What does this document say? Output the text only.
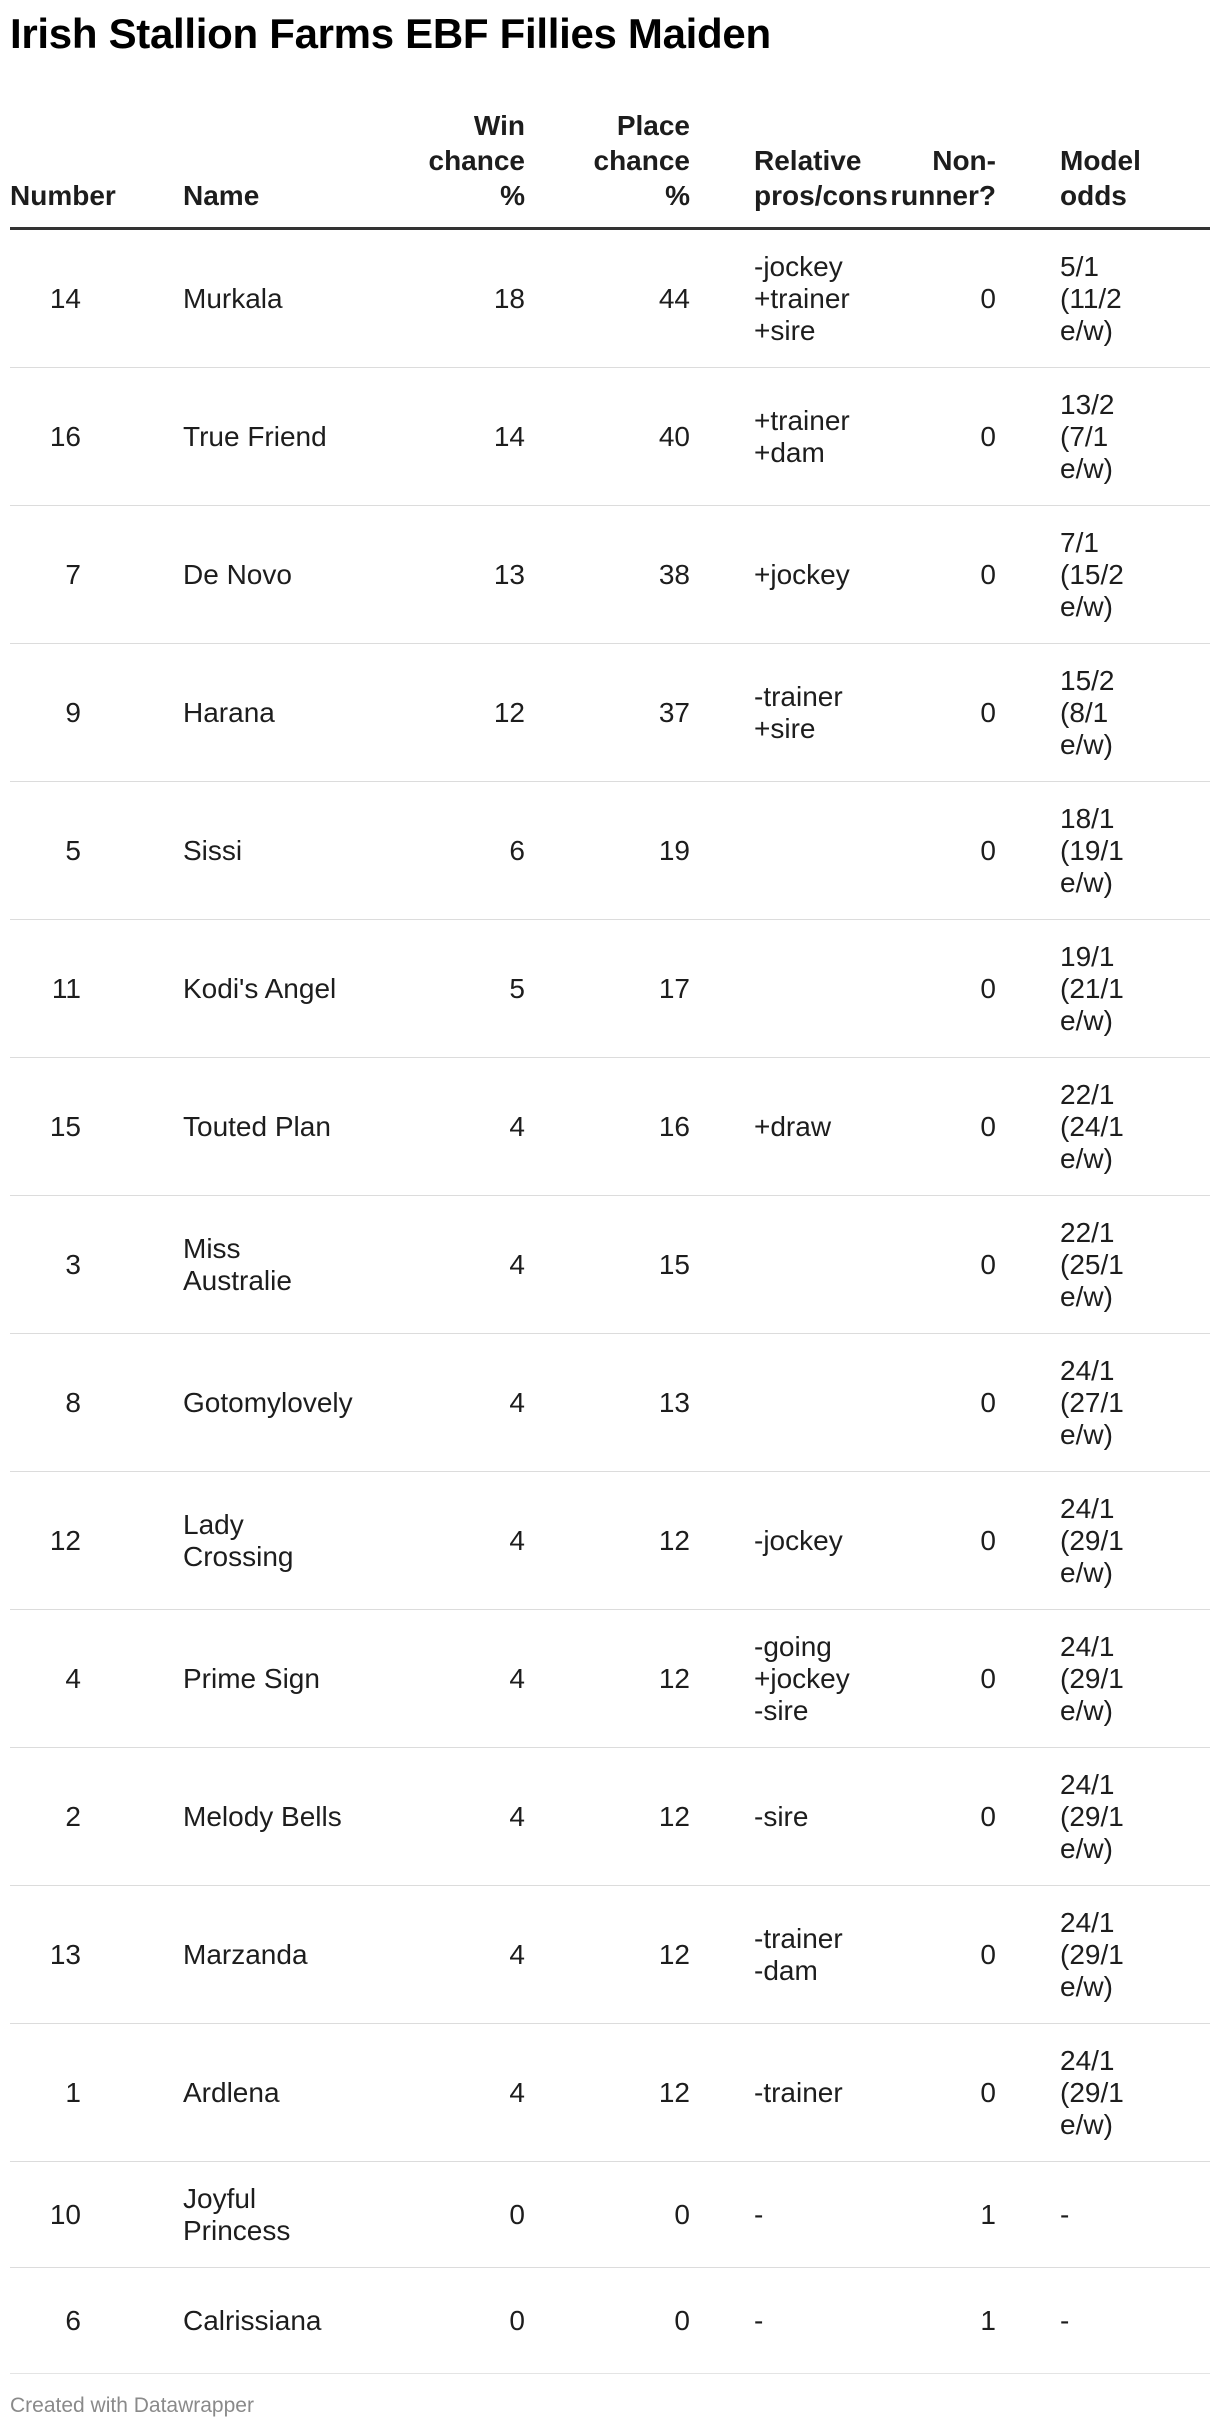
Irish Stallion Farms EBF Fillies Maiden
Number	Name	Win
chance
%	Place
chance
%	Relative
pros/cons	Non-
runner?	Model
odds
14	Murkala	18	44	-jockey
+trainer
+sire	0	5/1
(11/2
e/w)
16	True Friend	14	40	+trainer
+dam	0	13/2
(7/1
e/w)
7	De Novo	13	38	+jockey	0	7/1
(15/2
e/w)
9	Harana	12	37	-trainer
+sire	0	15/2
(8/1
e/w)
5	Sissi	6	19		0	18/1
(19/1
e/w)
11	Kodi's Angel	5	17		0	19/1
(21/1
e/w)
15	Touted Plan	4	16	+draw	0	22/1
(24/1
e/w)
3	Miss
Australie	4	15		0	22/1
(25/1
e/w)
8	Gotomylovely	4	13		0	24/1
(27/1
e/w)
12	Lady
Crossing	4	12	-jockey	0	24/1
(29/1
e/w)
4	Prime Sign	4	12	-going
+jockey
-sire	0	24/1
(29/1
e/w)
2	Melody Bells	4	12	-sire	0	24/1
(29/1
e/w)
13	Marzanda	4	12	-trainer
-dam	0	24/1
(29/1
e/w)
1	Ardlena	4	12	-trainer	0	24/1
(29/1
e/w)
10	Joyful
Princess	0	0	-	1	-
6	Calrissiana	0	0	-	1	-
Created with Datawrapper
